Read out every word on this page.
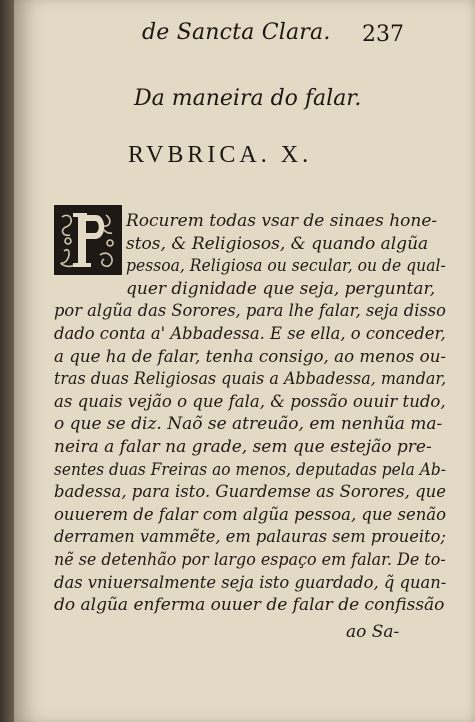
de Sancta Clara. 237
Da maneira do falar.
RVBRICA. X.
P
Rocurem todas vsar de sinaes hone-
stos, & Religiosos, & quando algũa
pessoa, Religiosa ou secular, ou de qual-
quer dignidade que seja, perguntar,
por algũa das Sorores, para lhe falar, seja disso
dado conta a' Abbadessa. E se ella, o conceder,
a que ha de falar, tenha consigo, ao menos ou-
tras duas Religiosas quais a Abbadessa, mandar,
as quais vejão o que fala, & possão ouuir tudo,
o que se diz. Naõ se atreuão, em nenhũa ma-
neira a falar na grade, sem que estejão pre-
sentes duas Freiras ao menos, deputadas pela Ab-
badessa, para isto. Guardemse as Sorores, que
ouuerem de falar com algũa pessoa, que senão
derramen vammẽte, em palauras sem proueito;
nẽ se detenhão por largo espaço em falar. De to-
das vniuersalmente seja isto guardado, q̃ quan-
do algũa enferma ouuer de falar de confissão
ao Sa-
